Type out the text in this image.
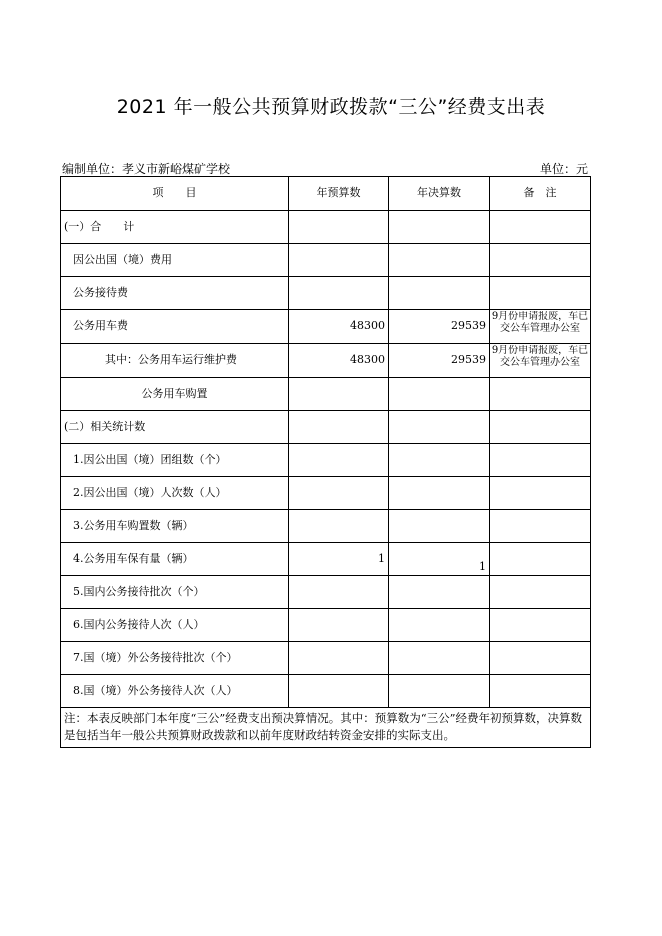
2021 年一般公共预算财政拨款“三公”经费支出表
编制单位：孝义市新峪煤矿学校	单位：元
项　　目	年预算数	年决算数	备　注
(一）合　　计			
因公出国（境）费用			
公务接待费			
公务用车费	48300	29539	9月份申请报废，车已交公车管理办公室

其中：公务用车运行维护费	48300	29539	9月份申请报废，车已交公车管理办公室

公务用车购置			
(二）相关统计数			
1.因公出国（境）团组数（个）			
2.因公出国（境）人次数（人）			
3.公务用车购置数（辆）			
4.公务用车保有量（辆）	1	1	
5.国内公务接待批次（个）			
6.国内公务接待人次（人）			
7.国（境）外公务接待批次（个）			
8.国（境）外公务接待人次（人）			
注：本表反映部门本年度“三公”经费支出预决算情况。其中：预算数为“三公”经费年初预算数，决算数是包括当年一般公共预算财政拨款和以前年度财政结转资金安排的实际支出。			
